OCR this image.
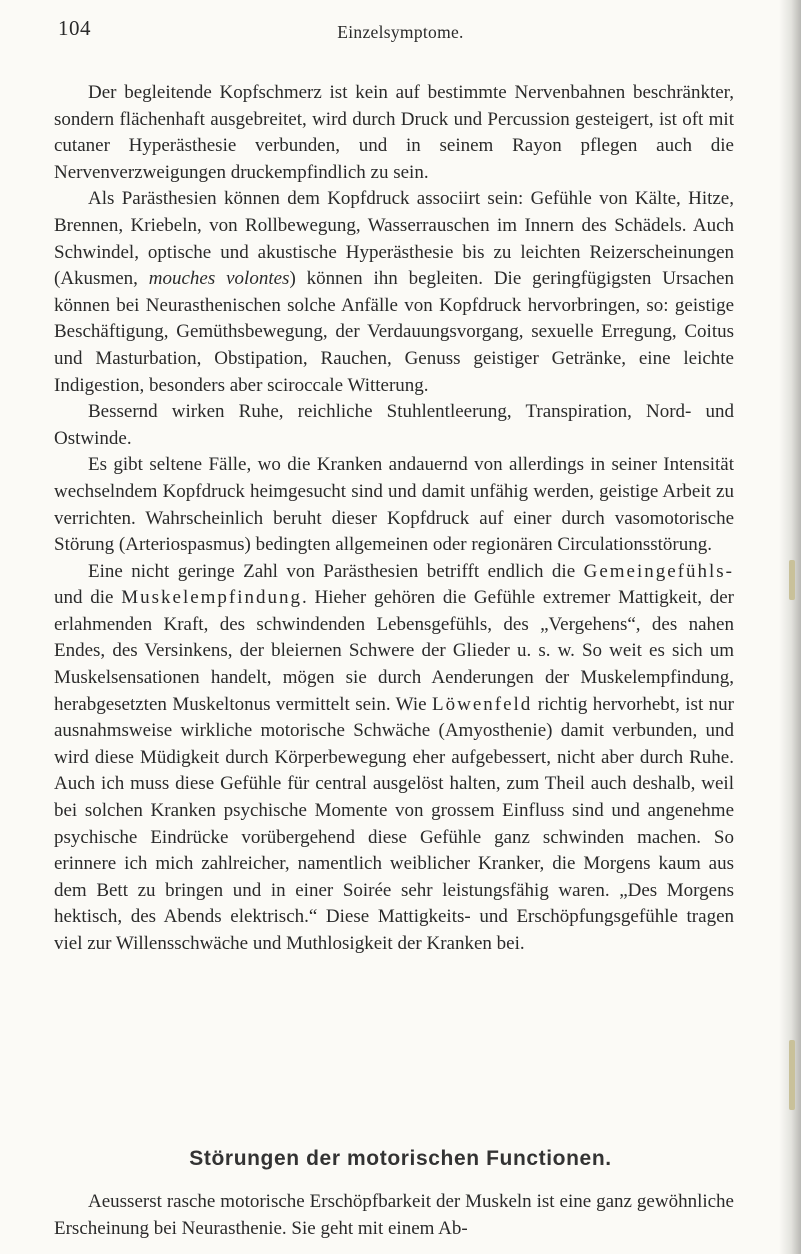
104	Einzelsymptome.

Der begleitende Kopfschmerz ist kein auf bestimmte Nervenbahnen beschränkter, sondern flächenhaft ausgebreitet, wird durch Druck und Percussion gesteigert, ist oft mit cutaner Hyperästhesie verbunden, und in seinem Rayon pflegen auch die Nervenverzweigungen druckempfindlich zu sein.

Als Parästhesien können dem Kopfdruck associirt sein: Gefühle von Kälte, Hitze, Brennen, Kriebeln, von Rollbewegung, Wasserrauschen im Innern des Schädels. Auch Schwindel, optische und akustische Hyperästhesie bis zu leichten Reizerscheinungen (Akusmen, mouches volontes) können ihn begleiten. Die geringfügigsten Ursachen können bei Neurasthenischen solche Anfälle von Kopfdruck hervorbringen, so: geistige Beschäftigung, Gemüthsbewegung, der Verdauungsvorgang, sexuelle Erregung, Coitus und Masturbation, Obstipation, Rauchen, Genuss geistiger Getränke, eine leichte Indigestion, besonders aber sciroccale Witterung.

Bessernd wirken Ruhe, reichliche Stuhlentleerung, Transpiration, Nord- und Ostwinde.

Es gibt seltene Fälle, wo die Kranken andauernd von allerdings in seiner Intensität wechselndem Kopfdruck heimgesucht sind und damit unfähig werden, geistige Arbeit zu verrichten. Wahrscheinlich beruht dieser Kopfdruck auf einer durch vasomotorische Störung (Arteriospasmus) bedingten allgemeinen oder regionären Circulationsstörung.

Eine nicht geringe Zahl von Parästhesien betrifft endlich die Gemeingefühls- und die Muskelempfindung. Hieher gehören die Gefühle extremer Mattigkeit, der erlahmenden Kraft, des schwindenden Lebensgefühls, des „Vergehens“, des nahen Endes, des Versinkens, der bleiernen Schwere der Glieder u. s. w. So weit es sich um Muskelsensationen handelt, mögen sie durch Aenderungen der Muskelempfindung, herabgesetzten Muskeltonus vermittelt sein. Wie Löwenfeld richtig hervorhebt, ist nur ausnahmsweise wirkliche motorische Schwäche (Amyosthenie) damit verbunden, und wird diese Müdigkeit durch Körperbewegung eher aufgebessert, nicht aber durch Ruhe. Auch ich muss diese Gefühle für central ausgelöst halten, zum Theil auch deshalb, weil bei solchen Kranken psychische Momente von grossem Einfluss sind und angenehme psychische Eindrücke vorübergehend diese Gefühle ganz schwinden machen. So erinnere ich mich zahlreicher, namentlich weiblicher Kranker, die Morgens kaum aus dem Bett zu bringen und in einer Soirée sehr leistungsfähig waren. „Des Morgens hektisch, des Abends elektrisch.“ Diese Mattigkeits- und Erschöpfungsgefühle tragen viel zur Willensschwäche und Muthlosigkeit der Kranken bei.

Störungen der motorischen Functionen.

Aeusserst rasche motorische Erschöpfbarkeit der Muskeln ist eine ganz gewöhnliche Erscheinung bei Neurasthenie. Sie geht mit einem Ab-
